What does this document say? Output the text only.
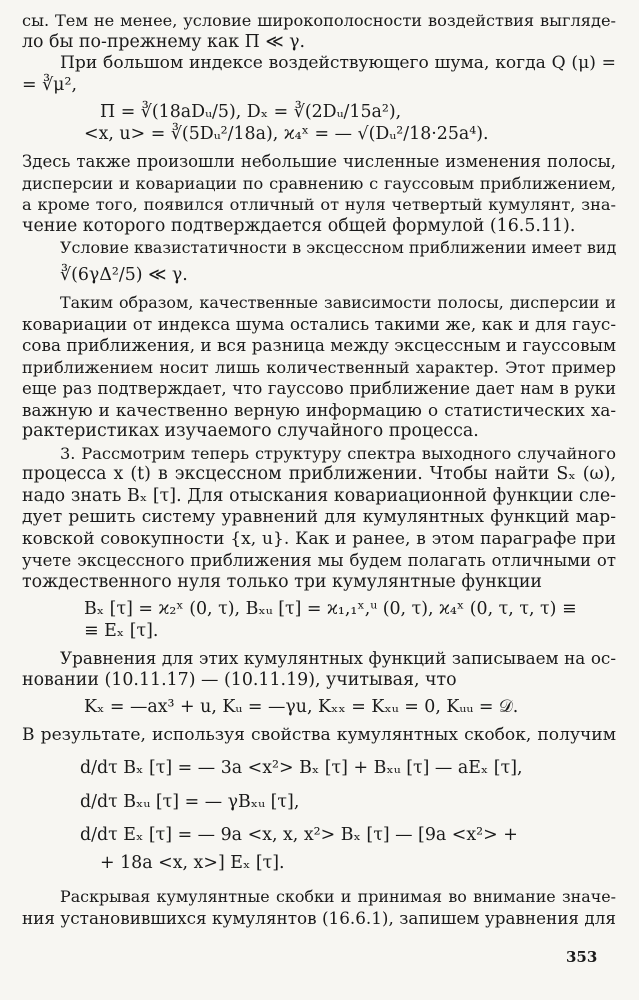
сы. Тем не менее, условие широкополосности воздействия выгляде-
ло бы по-прежнему как Π ≪ γ.
При большом индексе воздействующего шума, когда Q (μ) =
= ∛μ²,
Π = ∛(18aDᵤ/5), Dₓ = ∛(2Dᵤ/15a²),
<x, u> = ∛(5Dᵤ²/18a), ϰ₄ˣ = — √(Dᵤ²/18·25a⁴).
Здесь также произошли небольшие численные изменения полосы,
дисперсии и ковариации по сравнению с гауссовым приближением,
а кроме того, появился отличный от нуля четвертый кумулянт, зна-
чение которого подтверждается общей формулой (16.5.11).
Условие квазистатичности в эксцессном приближении имеет вид
∛(6γΔ²/5) ≪ γ.
Таким образом, качественные зависимости полосы, дисперсии и
ковариации от индекса шума остались такими же, как и для гаус-
сова приближения, и вся разница между эксцессным и гауссовым
приближением носит лишь количественный характер. Этот пример
еще раз подтверждает, что гауссово приближение дает нам в руки
важную и качественно верную информацию о статистических ха-
рактеристиках изучаемого случайного процесса.
3. Рассмотрим теперь структуру спектра выходного случайного
процесса x (t) в эксцессном приближении. Чтобы найти Sₓ (ω),
надо знать Bₓ [τ]. Для отыскания ковариационной функции сле-
дует решить систему уравнений для кумулянтных функций мар-
ковской совокупности {x, u}. Как и ранее, в этом параграфе при
учете эксцессного приближения мы будем полагать отличными от
тождественного нуля только три кумулянтные функции
Bₓ [τ] = ϰ₂ˣ (0, τ), Bₓᵤ [τ] = ϰ₁,₁ˣ,ᵘ (0, τ), ϰ₄ˣ (0, τ, τ, τ) ≡
≡ Eₓ [τ].
Уравнения для этих кумулянтных функций записываем на ос-
новании (10.11.17) — (10.11.19), учитывая, что
Kₓ = —ax³ + u, Kᵤ = —γu, Kₓₓ = Kₓᵤ = 0, Kᵤᵤ = 𝒟.
В результате, используя свойства кумулянтных скобок, получим
d/dτ Bₓ [τ] = — 3a <x²> Bₓ [τ] + Bₓᵤ [τ] — aEₓ [τ],
d/dτ Bₓᵤ [τ] = — γBₓᵤ [τ],
d/dτ Eₓ [τ] = — 9a <x, x, x²> Bₓ [τ] — [9a <x²> +
+ 18a <x, x>] Eₓ [τ].
Раскрывая кумулянтные скобки и принимая во внимание значе-
ния установившихся кумулянтов (16.6.1), запишем уравнения для
353
